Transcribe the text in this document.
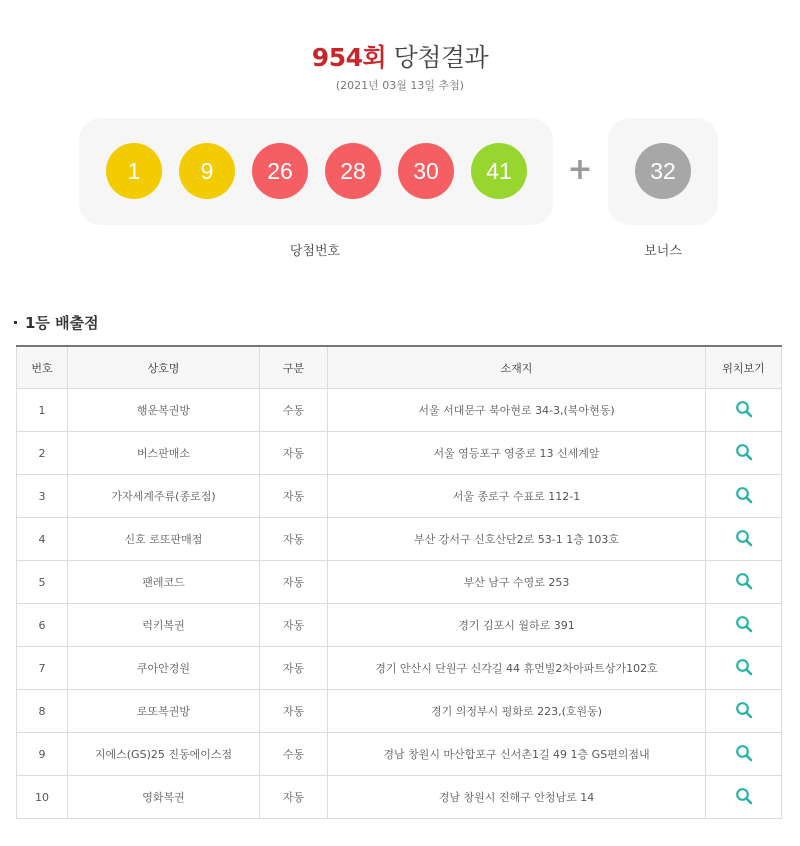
954회 당첨결과
(2021년 03월 13일 추첨)
1	9	26	28	30	41	+	32
당첨번호	보너스
1등 배출점
번호	상호명	구분	소재지	위치보기
1	행운복권방	수동	서울 서대문구 북아현로 34-3,(북아현동)	
2	버스판매소	자동	서울 영등포구 영중로 13 신세계앞	
3	가자세계주류(종로점)	자동	서울 종로구 수표로 112-1	
4	신호 로또판매점	자동	부산 강서구 신호산단2로 53-1 1층 103호	
5	팬레코드	자동	부산 남구 수영로 253	
6	럭키복권	자동	경기 김포시 월하로 391	
7	쿠아안경원	자동	경기 안산시 단원구 신각길 44 휴먼빌2차아파트상가102호	
8	로또복권방	자동	경기 의정부시 평화로 223,(호원동)	
9	지에스(GS)25 진동에이스점	수동	경남 창원시 마산합포구 신서촌1길 49 1층 GS편의점내	
10	영화복권	자동	경남 창원시 진해구 안청남로 14	
